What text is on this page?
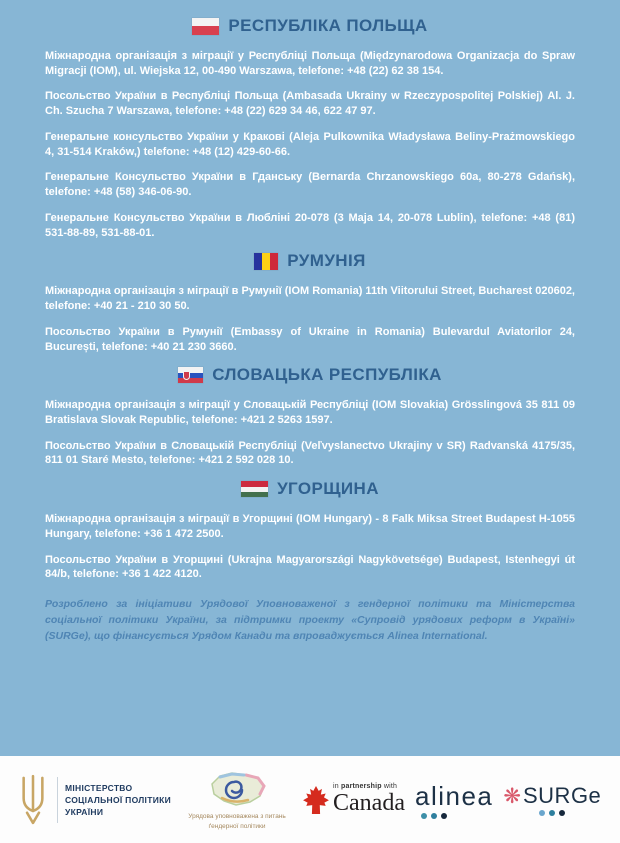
РЕСПУБЛІКА ПОЛЬЩА

Міжнародна організація з міграції у Республіці Польща (Międzynarodowa Organizacja do Spraw Migracji (IOM), ul. Wiejska 12, 00-490 Warszawa, telefone: +48 (22) 62 38 154.

Посольство України в Республіці Польща (Ambasada Ukrainy w Rzeczypospolitej Polskiej) Al. J. Ch. Szucha 7 Warszawa, telefone: +48 (22) 629 34 46, 622 47 97.

Генеральне консульство України у Кракові (Aleja Pulkownika Władysława Beliny-Prażmowskiego 4, 31-514 Kraków,) telefone: +48 (12) 429-60-66.

Генеральне Консульство України в Гданську (Bernarda Chrzanowskiego 60a, 80-278 Gdańsk), telefone: +48 (58) 346-06-90.

Генеральне Консульство України в Любліні 20-078 (3 Maja 14, 20-078 Lublin), telefone: +48 (81) 531-88-89, 531-88-01.

РУМУНІЯ

Міжнародна організація з міграції в Румунії (IOM Romania) 11th Viitorului Street, Bucharest 020602, telefone: +40 21 - 210 30 50.

Посольство України в Румунії (Embassy of Ukraine in Romania) Bulevardul Aviatorilor 24, București, telefone: +40 21 230 3660.

СЛОВАЦЬКА РЕСПУБЛІКА

Міжнародна організація з міграції у Словацькій Республіці (IOM Slovakia) Grösslingová 35 811 09 Bratislava Slovak Republic, telefone: +421 2 5263 1597.

Посольство України в Словацькій Республіці (Veľvyslanectvo Ukrajiny v SR) Radvanská 4175/35, 811 01 Staré Mesto, telefone: +421 2 592 028 10.

УГОРЩИНА

Міжнародна організація з міграції в Угорщині (IOM Hungary) - 8 Falk Miksa Street Budapest H-1055 Hungary, telefone: +36 1 472 2500.

Посольство України в Угорщині (Ukrajna Magyarországi Nagykövetsége) Budapest, Istenhegyi út 84/b, telefone: +36 1 422 4120.

Розроблено за ініціативи Урядової Уповноваженої з гендерної політики та Міністерства соціальної політики України, за підтримки проекту «Супровід урядових реформ в Україні» (SURGe), що фінансується Урядом Канади та впроваджується Alinea International.

МІНІСТЕРСТВО
СОЦІАЛЬНОЇ ПОЛІТИКИ
УКРАЇНИ
Урядова уповноважена з питань ґендерної політики
in partnership with
Canada alinea ❋ SURGe
